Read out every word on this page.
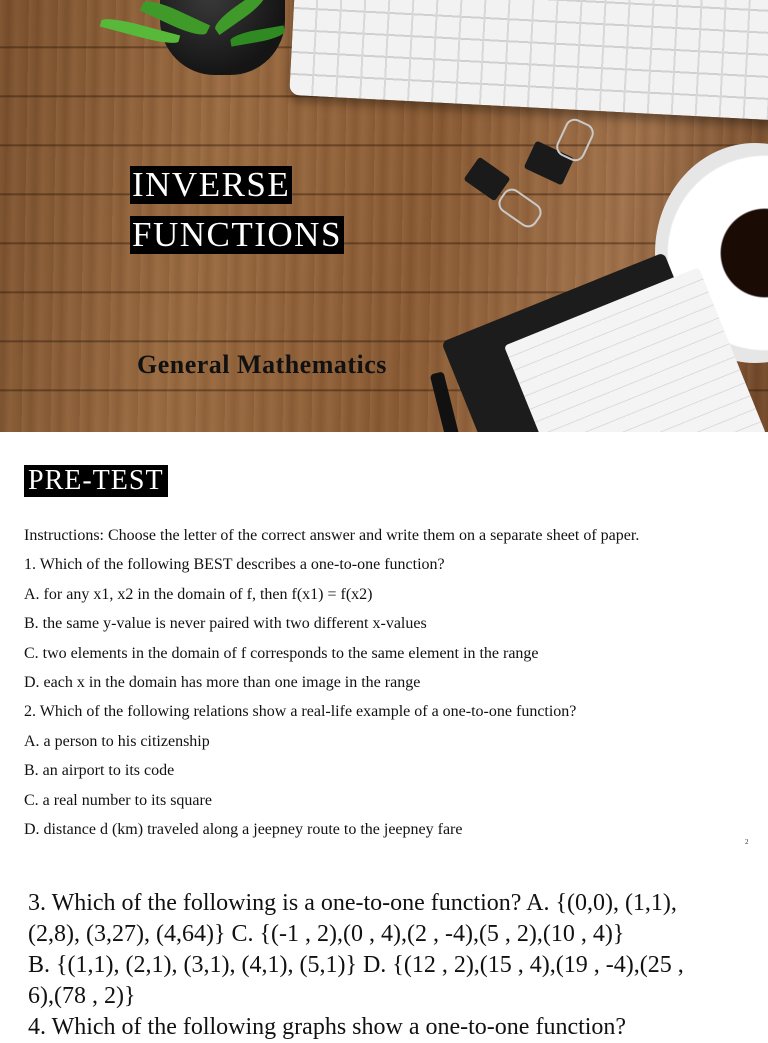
INVERSE
FUNCTIONS
General Mathematics
PRE-TEST
Instructions: Choose the letter of the correct answer and write them on a separate sheet of paper.
1. Which of the following BEST describes a one-to-one function?
A. for any x1, x2 in the domain of f, then f(x1) = f(x2)
B. the same y-value is never paired with two different x-values
C. two elements in the domain of f corresponds to the same element in the range
D. each x in the domain has more than one image in the range
2. Which of the following relations show a real-life example of a one-to-one function?
A. a person to his citizenship
B. an airport to its code
C. a real number to its square
D. distance d (km) traveled along a jeepney route to the jeepney fare
2
3. Which of the following is a one-to-one function? A. {(0,0), (1,1),
(2,8), (3,27), (4,64)} C. {(-1 , 2),(0 , 4),(2 , -4),(5 , 2),(10 , 4)}
B. {(1,1), (2,1), (3,1), (4,1), (5,1)} D. {(12 , 2),(15 , 4),(19 , -4),(25 ,
6),(78 , 2)}
4. Which of the following graphs show a one-to-one function?
